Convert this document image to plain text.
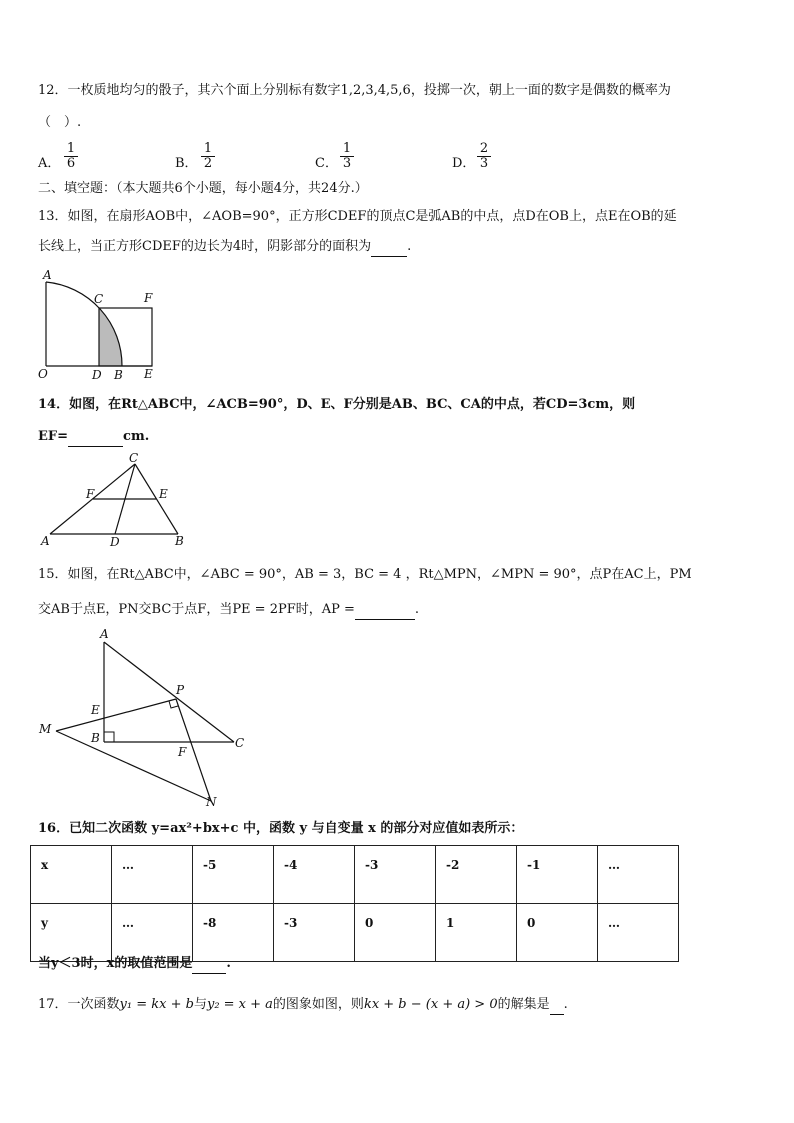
12．一枚质地均匀的骰子，其六个面上分别标有数字1,2,3,4,5,6，投掷一次，朝上一面的数字是偶数的概率为
（　）.
A． $\frac{1}{6}$	B． $\frac{1}{2}$	C． $\frac{1}{3}$	D． $\frac{2}{3}$
二、填空题：（本大题共6个小题，每小题4分，共24分.）
13．如图，在扇形AOB中，∠AOB=90°，正方形CDEF的顶点C是弧AB的中点，点D在OB上，点E在OB的延
长线上，当正方形CDEF的边长为4时，阴影部分的面积为	.
A
C	F
O	D B E
14．如图，在Rt△ABC中，∠ACB=90°，D、E、F分别是AB、BC、CA的中点，若CD=3cm，则
EF=	cm.
C
F	E
A	D	B
15．如图，在Rt△ABC中，∠ABC = 90°，AB = 3，BC = 4 ，Rt△MPN，∠MPN = 90°，点P在AC上，PM
交AB于点E，PN交BC于点F，当PE = 2PF时，AP =	.
A
P
E
M
B	C
F
N
16．已知二次函数 y=ax²+bx+c 中，函数 y 与自变量 x 的部分对应值如表所示：
x	…	-5	-4	-3	-2	-1	…
y	…	-8	-3	0	1	0	…
当y＜3时，x的取值范围是	.
17．一次函数y₁ = kx + b与y₂ = x + a的图象如图，则kx + b − (x + a) > 0的解集是 .
